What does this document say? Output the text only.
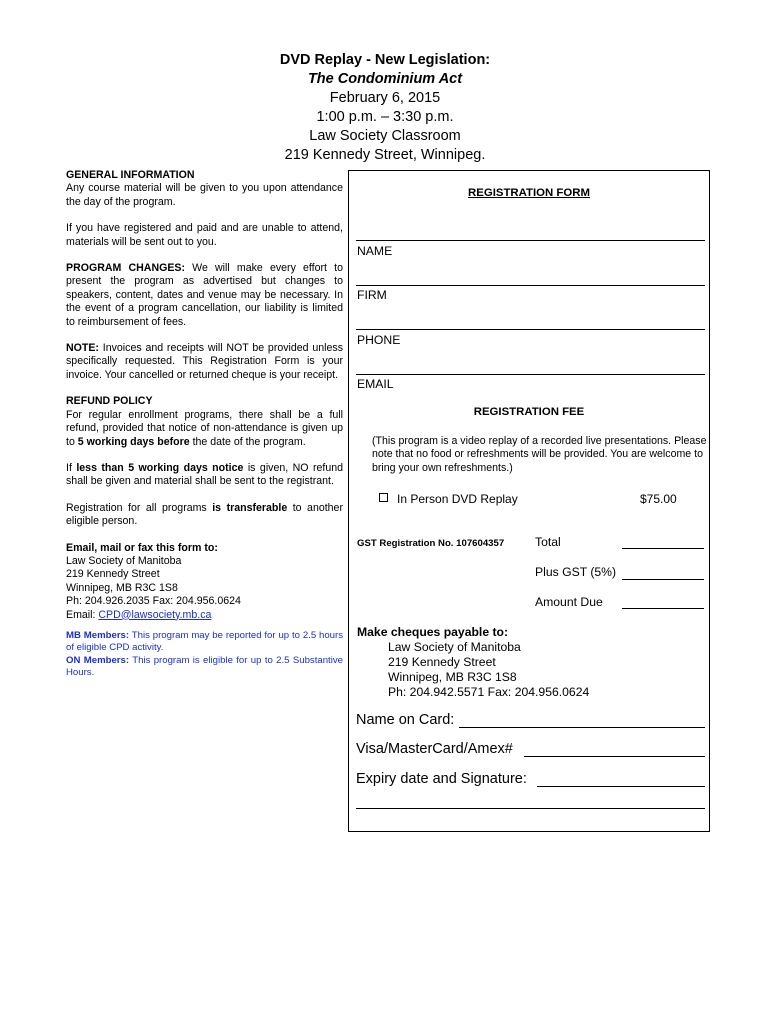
DVD Replay - New Legislation:
The Condominium Act
February 6, 2015
1:00 p.m. – 3:30 p.m.
Law Society Classroom
219 Kennedy Street, Winnipeg.

GENERAL INFORMATION

Any course material will be given to you upon attendance the day of the program.

If you have registered and paid and are unable to attend, materials will be sent out to you.

PROGRAM CHANGES: We will make every effort to present the program as advertised but changes to speakers, content, dates and venue may be necessary. In the event of a program cancellation, our liability is limited to reimbursement of fees.

NOTE: Invoices and receipts will NOT be provided unless specifically requested. This Registration Form is your invoice. Your cancelled or returned cheque is your receipt.

REFUND POLICY

For regular enrollment programs, there shall be a full refund, provided that notice of non-attendance is given up to 5 working days before the date of the program.

If less than 5 working days notice is given, NO refund shall be given and material shall be sent to the registrant.

Registration for all programs is transferable to another eligible person.

Email, mail or fax this form to:

Law Society of Manitoba

219 Kennedy Street

Winnipeg, MB R3C 1S8

Ph: 204.926.2035 Fax: 204.956.0624

Email: CPD@lawsociety.mb.ca

MB Members: This program may be reported for up to 2.5 hours of eligible CPD activity.

ON Members: This program is eligible for up to 2.5 Substantive Hours.

REGISTRATION FORM
NAME
FIRM
PHONE
EMAIL
REGISTRATION FEE
(This program is a video replay of a recorded live presentations. Please note that no food or refreshments will be provided. You are welcome to bring your own refreshments.)
In Person DVD Replay	$75.00
GST Registration No. 107604357	Total
Plus GST (5%)
Amount Due
Make cheques payable to:
Law Society of Manitoba
219 Kennedy Street
Winnipeg, MB R3C 1S8
Ph: 204.942.5571 Fax: 204.956.0624
Name on Card:
Visa/MasterCard/Amex#
Expiry date and Signature:
